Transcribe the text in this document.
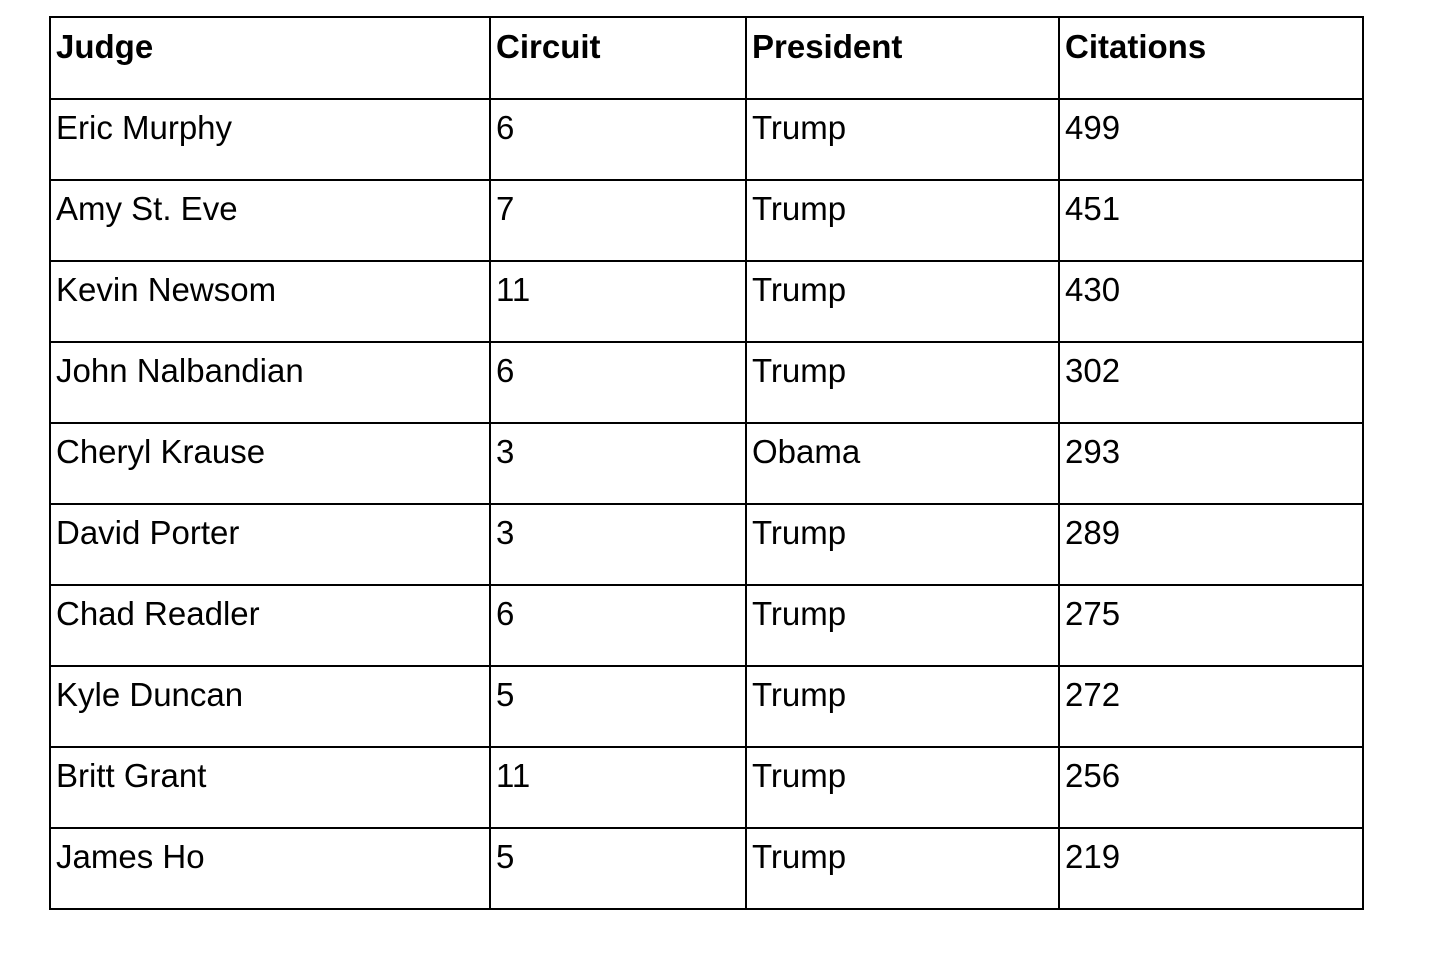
Judge	Circuit	President	Citations
Eric Murphy	6	Trump	499
Amy St. Eve	7	Trump	451
Kevin Newsom	11	Trump	430
John Nalbandian	6	Trump	302
Cheryl Krause	3	Obama	293
David Porter	3	Trump	289
Chad Readler	6	Trump	275
Kyle Duncan	5	Trump	272
Britt Grant	11	Trump	256
James Ho	5	Trump	219
